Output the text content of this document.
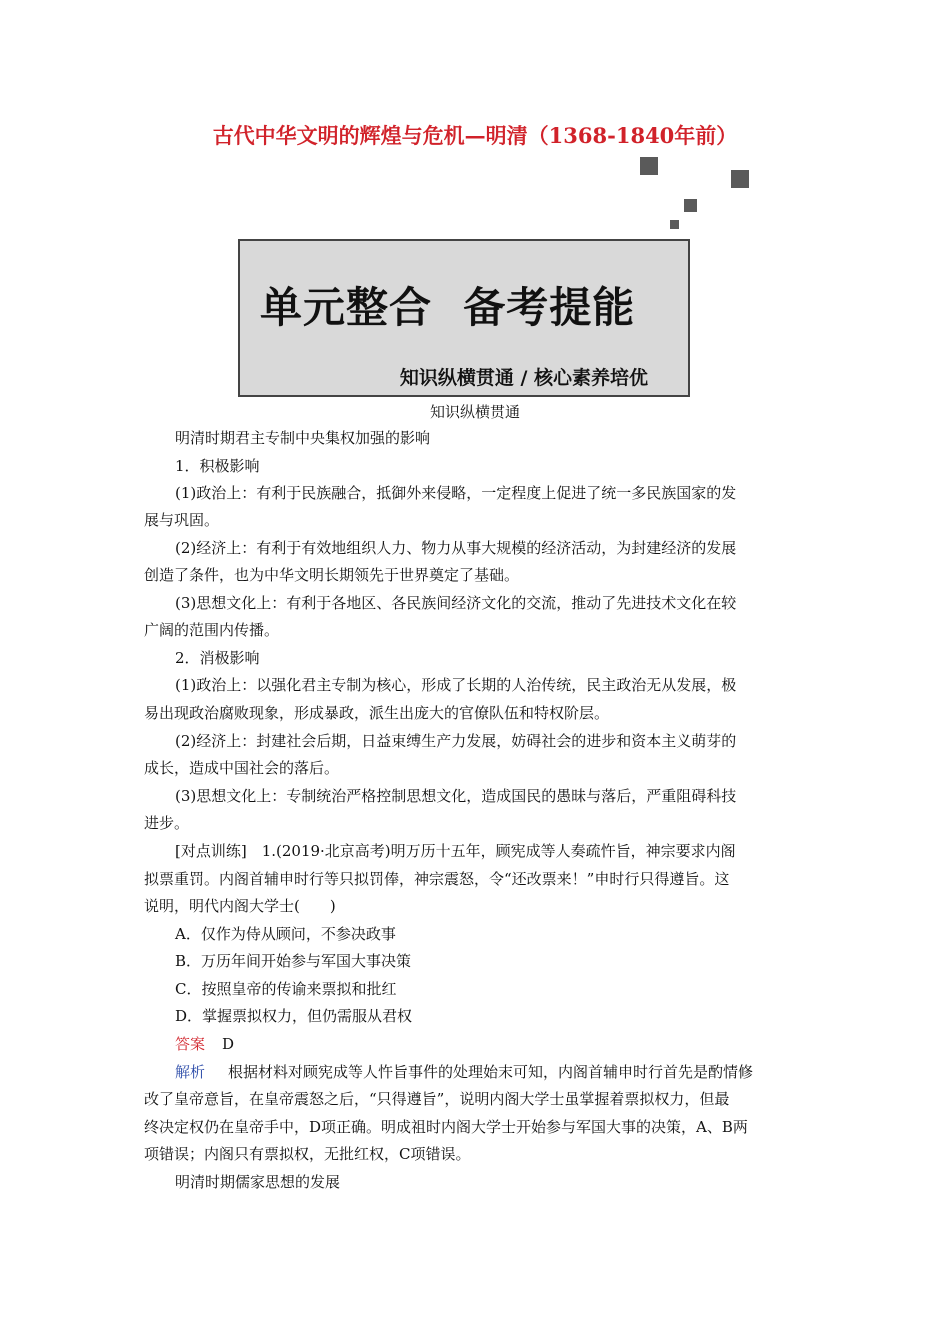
古代中华文明的辉煌与危机—明清（1368-1840年前）
单元整合  备考提能
知识纵横贯通 / 核心素养培优
知识纵横贯通
明清时期君主专制中央集权加强的影响
1．积极影响
(1)政治上：有利于民族融合，抵御外来侵略，一定程度上促进了统一多民族国家的发
展与巩固。
(2)经济上：有利于有效地组织人力、物力从事大规模的经济活动，为封建经济的发展
创造了条件，也为中华文明长期领先于世界奠定了基础。
(3)思想文化上：有利于各地区、各民族间经济文化的交流，推动了先进技术文化在较
广阔的范围内传播。
2．消极影响
(1)政治上：以强化君主专制为核心，形成了长期的人治传统，民主政治无从发展，极
易出现政治腐败现象，形成暴政，派生出庞大的官僚队伍和特权阶层。
(2)经济上：封建社会后期，日益束缚生产力发展，妨碍社会的进步和资本主义萌芽的
成长，造成中国社会的落后。
(3)思想文化上：专制统治严格控制思想文化，造成国民的愚昧与落后，严重阻碍科技
进步。
[对点训练]　1.(2019·北京高考)明万历十五年，顾宪成等人奏疏忤旨，神宗要求内阁
拟票重罚。内阁首辅申时行等只拟罚俸，神宗震怒，令“还改票来！”申时行只得遵旨。这
说明，明代内阁大学士(　　)
A．仅作为侍从顾问，不参决政事
B．万历年间开始参与军国大事决策
C．按照皇帝的传谕来票拟和批红
D．掌握票拟权力，但仍需服从君权
答案 D
解析 根据材料对顾宪成等人忤旨事件的处理始末可知，内阁首辅申时行首先是酌情修
改了皇帝意旨，在皇帝震怒之后，“只得遵旨”，说明内阁大学士虽掌握着票拟权力，但最
终决定权仍在皇帝手中，D项正确。明成祖时内阁大学士开始参与军国大事的决策，A、B两
项错误；内阁只有票拟权，无批红权，C项错误。
明清时期儒家思想的发展
